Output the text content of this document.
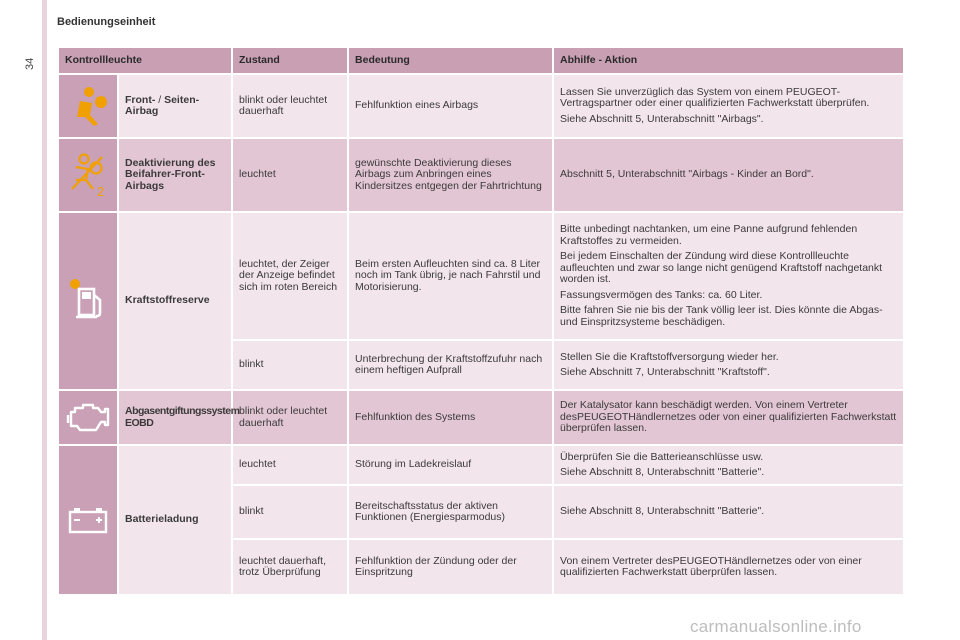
Bedienungseinheit
34	Kontrollleuchte		Zustand	Bedeutung	Abhilfe - Aktion

	Front- / Seiten-Airbag	blinkt oder leuchtet dauerhaft	Fehlfunktion eines Airbags	Lassen Sie unverzüglich das System von einem PEUGEOT-Vertragspartner oder einer qualifizierten Fachwerkstatt überprüfen.

Siehe Abschnitt 5, Unterabschnitt "Airbags".

2	Deaktivierung des Beifahrer-Front-Airbags	leuchtet	gewünschte Deaktivierung dieses Airbags zum Anbringen eines Kindersitzes entgegen der Fahrtrichtung	Abschnitt 5, Unterabschnitt "Airbags - Kinder an Bord".

	Kraftstoffreserve	leuchtet, der Zeiger der Anzeige befindet sich im roten Bereich	Beim ersten Aufleuchten sind ca. 8 Liter noch im Tank übrig, je nach Fahrstil und Motorisierung.	Bitte unbedingt nachtanken, um eine Panne aufgrund fehlenden Kraftstoffes zu vermeiden.

Bei jedem Einschalten der Zündung wird diese Kontrollleuchte aufleuchten und zwar so lange nicht genügend Kraftstoff nachgetankt worden ist.

Fassungsvermögen des Tanks: ca. 60 Liter.

Bitte fahren Sie nie bis der Tank völlig leer ist. Dies könnte die Abgas- und Einspritzsysteme beschädigen.

		blinkt	Unterbrechung der Kraftstoffzufuhr nach einem heftigen Aufprall	Stellen Sie die Kraftstoffversorgung wieder her.

Siehe Abschnitt 7, Unterabschnitt "Kraftstoff".

	Abgasentgiftungssystem EOBD	blinkt oder leuchtet dauerhaft	Fehlfunktion des Systems	Der Katalysator kann beschädigt werden. Von einem Vertreter desPEUGEOTHändlernetzes oder von einer qualifizierten Fachwerkstatt überprüfen lassen.

	Batterieladung	leuchtet	Störung im Ladekreislauf	Überprüfen Sie die Batterieanschlüsse usw.

Siehe Abschnitt 8, Unterabschnitt "Batterie".

		blinkt	Bereitschaftsstatus der aktiven Funktionen (Energiesparmodus)	Siehe Abschnitt 8, Unterabschnitt "Batterie".
		leuchtet dauerhaft, trotz Überprüfung	Fehlfunktion der Zündung oder der Einspritzung	Von einem Vertreter desPEUGEOTHändlernetzes oder von einer qualifizierten Fachwerkstatt überprüfen lassen.
carmanualsonline.info
